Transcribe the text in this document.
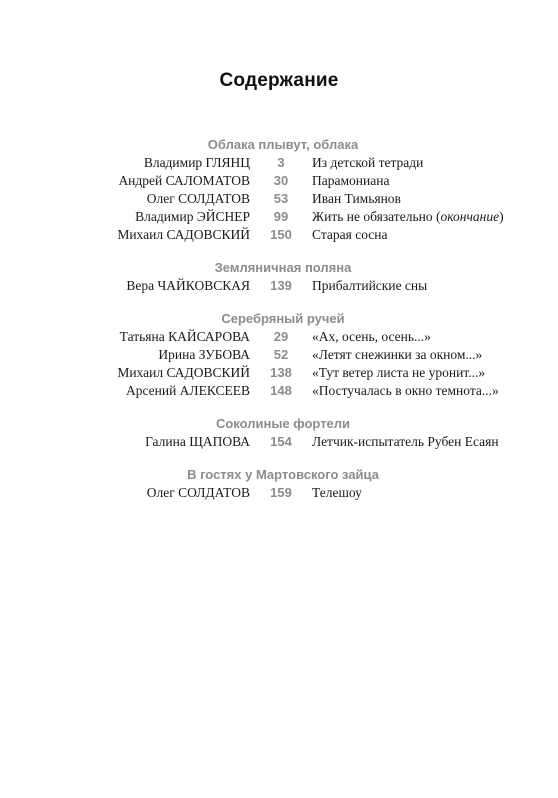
Содержание
Облака плывут, облака
Владимир ГЛЯНЦ	3	Из детской тетради
Андрей САЛОМАТОВ	30	Парамониана
Олег СОЛДАТОВ	53	Иван Тимьянов
Владимир ЭЙСНЕР	99	Жить не обязательно (окончание)
Михаил САДОВСКИЙ	150	Старая сосна
Земляничная поляна
Вера ЧАЙКОВСКАЯ	139	Прибалтийские сны
Серебряный ручей
Татьяна КАЙСАРОВА	29	«Ах, осень, осень...»
Ирина ЗУБОВА	52	«Летят снежинки за окном...»
Михаил САДОВСКИЙ	138	«Тут ветер листа не уронит...»
Арсений АЛЕКСЕЕВ	148	«Постучалась в окно темнота...»
Соколиные фортели
Галина ЩАПОВА	154	Летчик-испытатель Рубен Есаян
В гостях у Мартовского зайца
Олег СОЛДАТОВ	159	Телешоу
